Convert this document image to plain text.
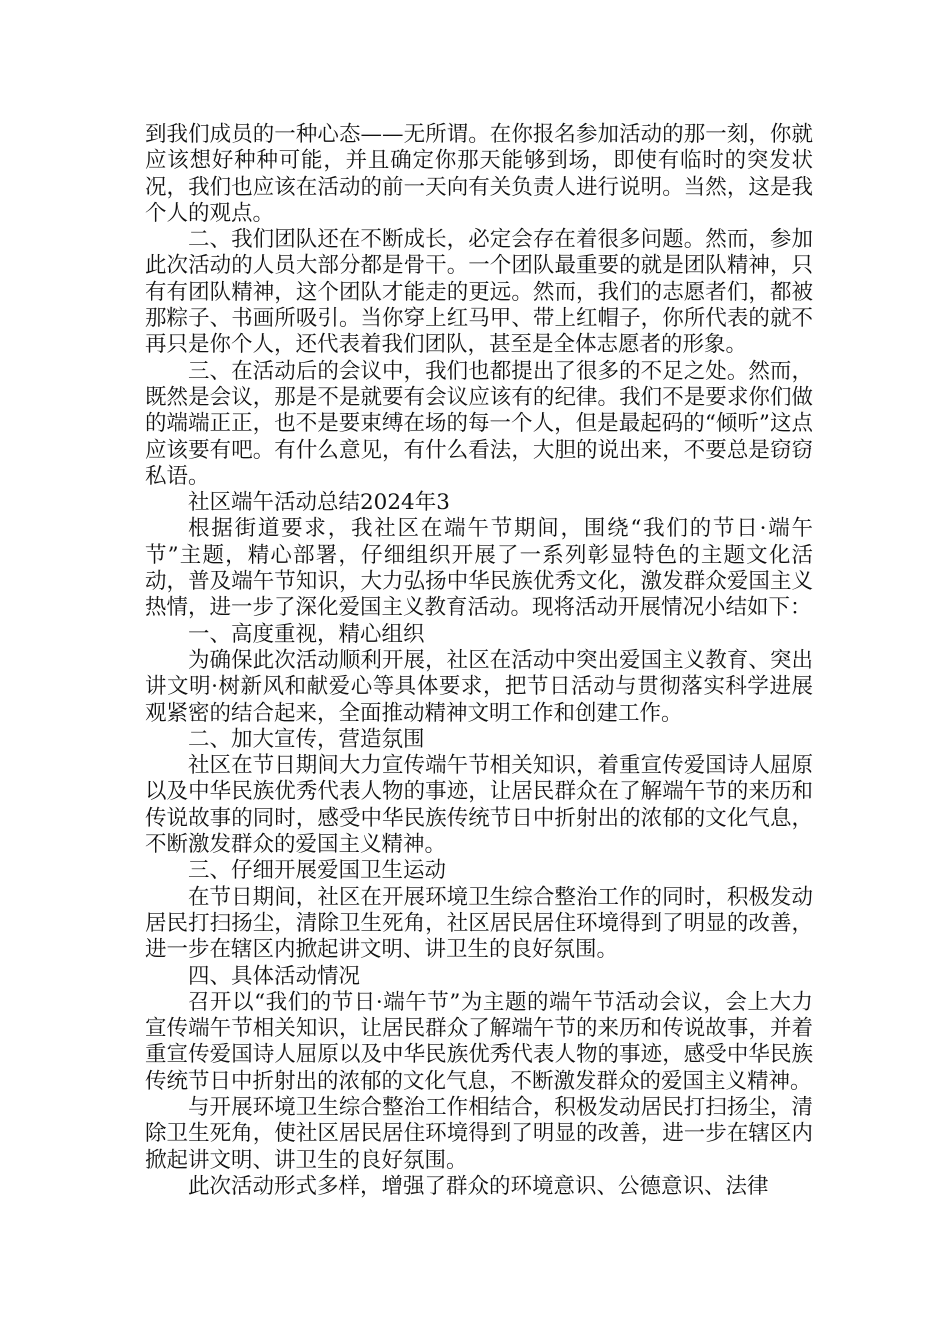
到我们成员的一种心态——无所谓。在你报名参加活动的那一刻，你就应该想好种种可能，并且确定你那天能够到场，即使有临时的突发状况，我们也应该在活动的前一天向有关负责人进行说明。当然，这是我个人的观点。

二、我们团队还在不断成长，必定会存在着很多问题。然而，参加此次活动的人员大部分都是骨干。一个团队最重要的就是团队精神，只有有团队精神，这个团队才能走的更远。然而，我们的志愿者们，都被那粽子、书画所吸引。当你穿上红马甲、带上红帽子，你所代表的就不再只是你个人，还代表着我们团队，甚至是全体志愿者的形象。

三、在活动后的会议中，我们也都提出了很多的不足之处。然而，既然是会议，那是不是就要有会议应该有的纪律。我们不是要求你们做的端端正正，也不是要束缚在场的每一个人，但是最起码的“倾听”这点应该要有吧。有什么意见，有什么看法，大胆的说出来，不要总是窃窃私语。

社区端午活动总结2024年3

根据街道要求，我社区在端午节期间，围绕“我们的节日·端午节”主题，精心部署，仔细组织开展了一系列彰显特色的主题文化活动，普及端午节知识，大力弘扬中华民族优秀文化，激发群众爱国主义热情，进一步了深化爱国主义教育活动。现将活动开展情况小结如下：

一、高度重视，精心组织

为确保此次活动顺利开展，社区在活动中突出爱国主义教育、突出讲文明·树新风和献爱心等具体要求，把节日活动与贯彻落实科学进展观紧密的结合起来，全面推动精神文明工作和创建工作。

二、加大宣传，营造氛围

社区在节日期间大力宣传端午节相关知识，着重宣传爱国诗人屈原以及中华民族优秀代表人物的事迹，让居民群众在了解端午节的来历和传说故事的同时，感受中华民族传统节日中折射出的浓郁的文化气息，不断激发群众的爱国主义精神。

三、仔细开展爱国卫生运动

在节日期间，社区在开展环境卫生综合整治工作的同时，积极发动居民打扫扬尘，清除卫生死角，社区居民居住环境得到了明显的改善，进一步在辖区内掀起讲文明、讲卫生的良好氛围。

四、具体活动情况

召开以“我们的节日·端午节”为主题的端午节活动会议，会上大力宣传端午节相关知识，让居民群众了解端午节的来历和传说故事，并着重宣传爱国诗人屈原以及中华民族优秀代表人物的事迹，感受中华民族传统节日中折射出的浓郁的文化气息，不断激发群众的爱国主义精神。

与开展环境卫生综合整治工作相结合，积极发动居民打扫扬尘，清除卫生死角，使社区居民居住环境得到了明显的改善，进一步在辖区内掀起讲文明、讲卫生的良好氛围。

此次活动形式多样，增强了群众的环境意识、公德意识、法律
